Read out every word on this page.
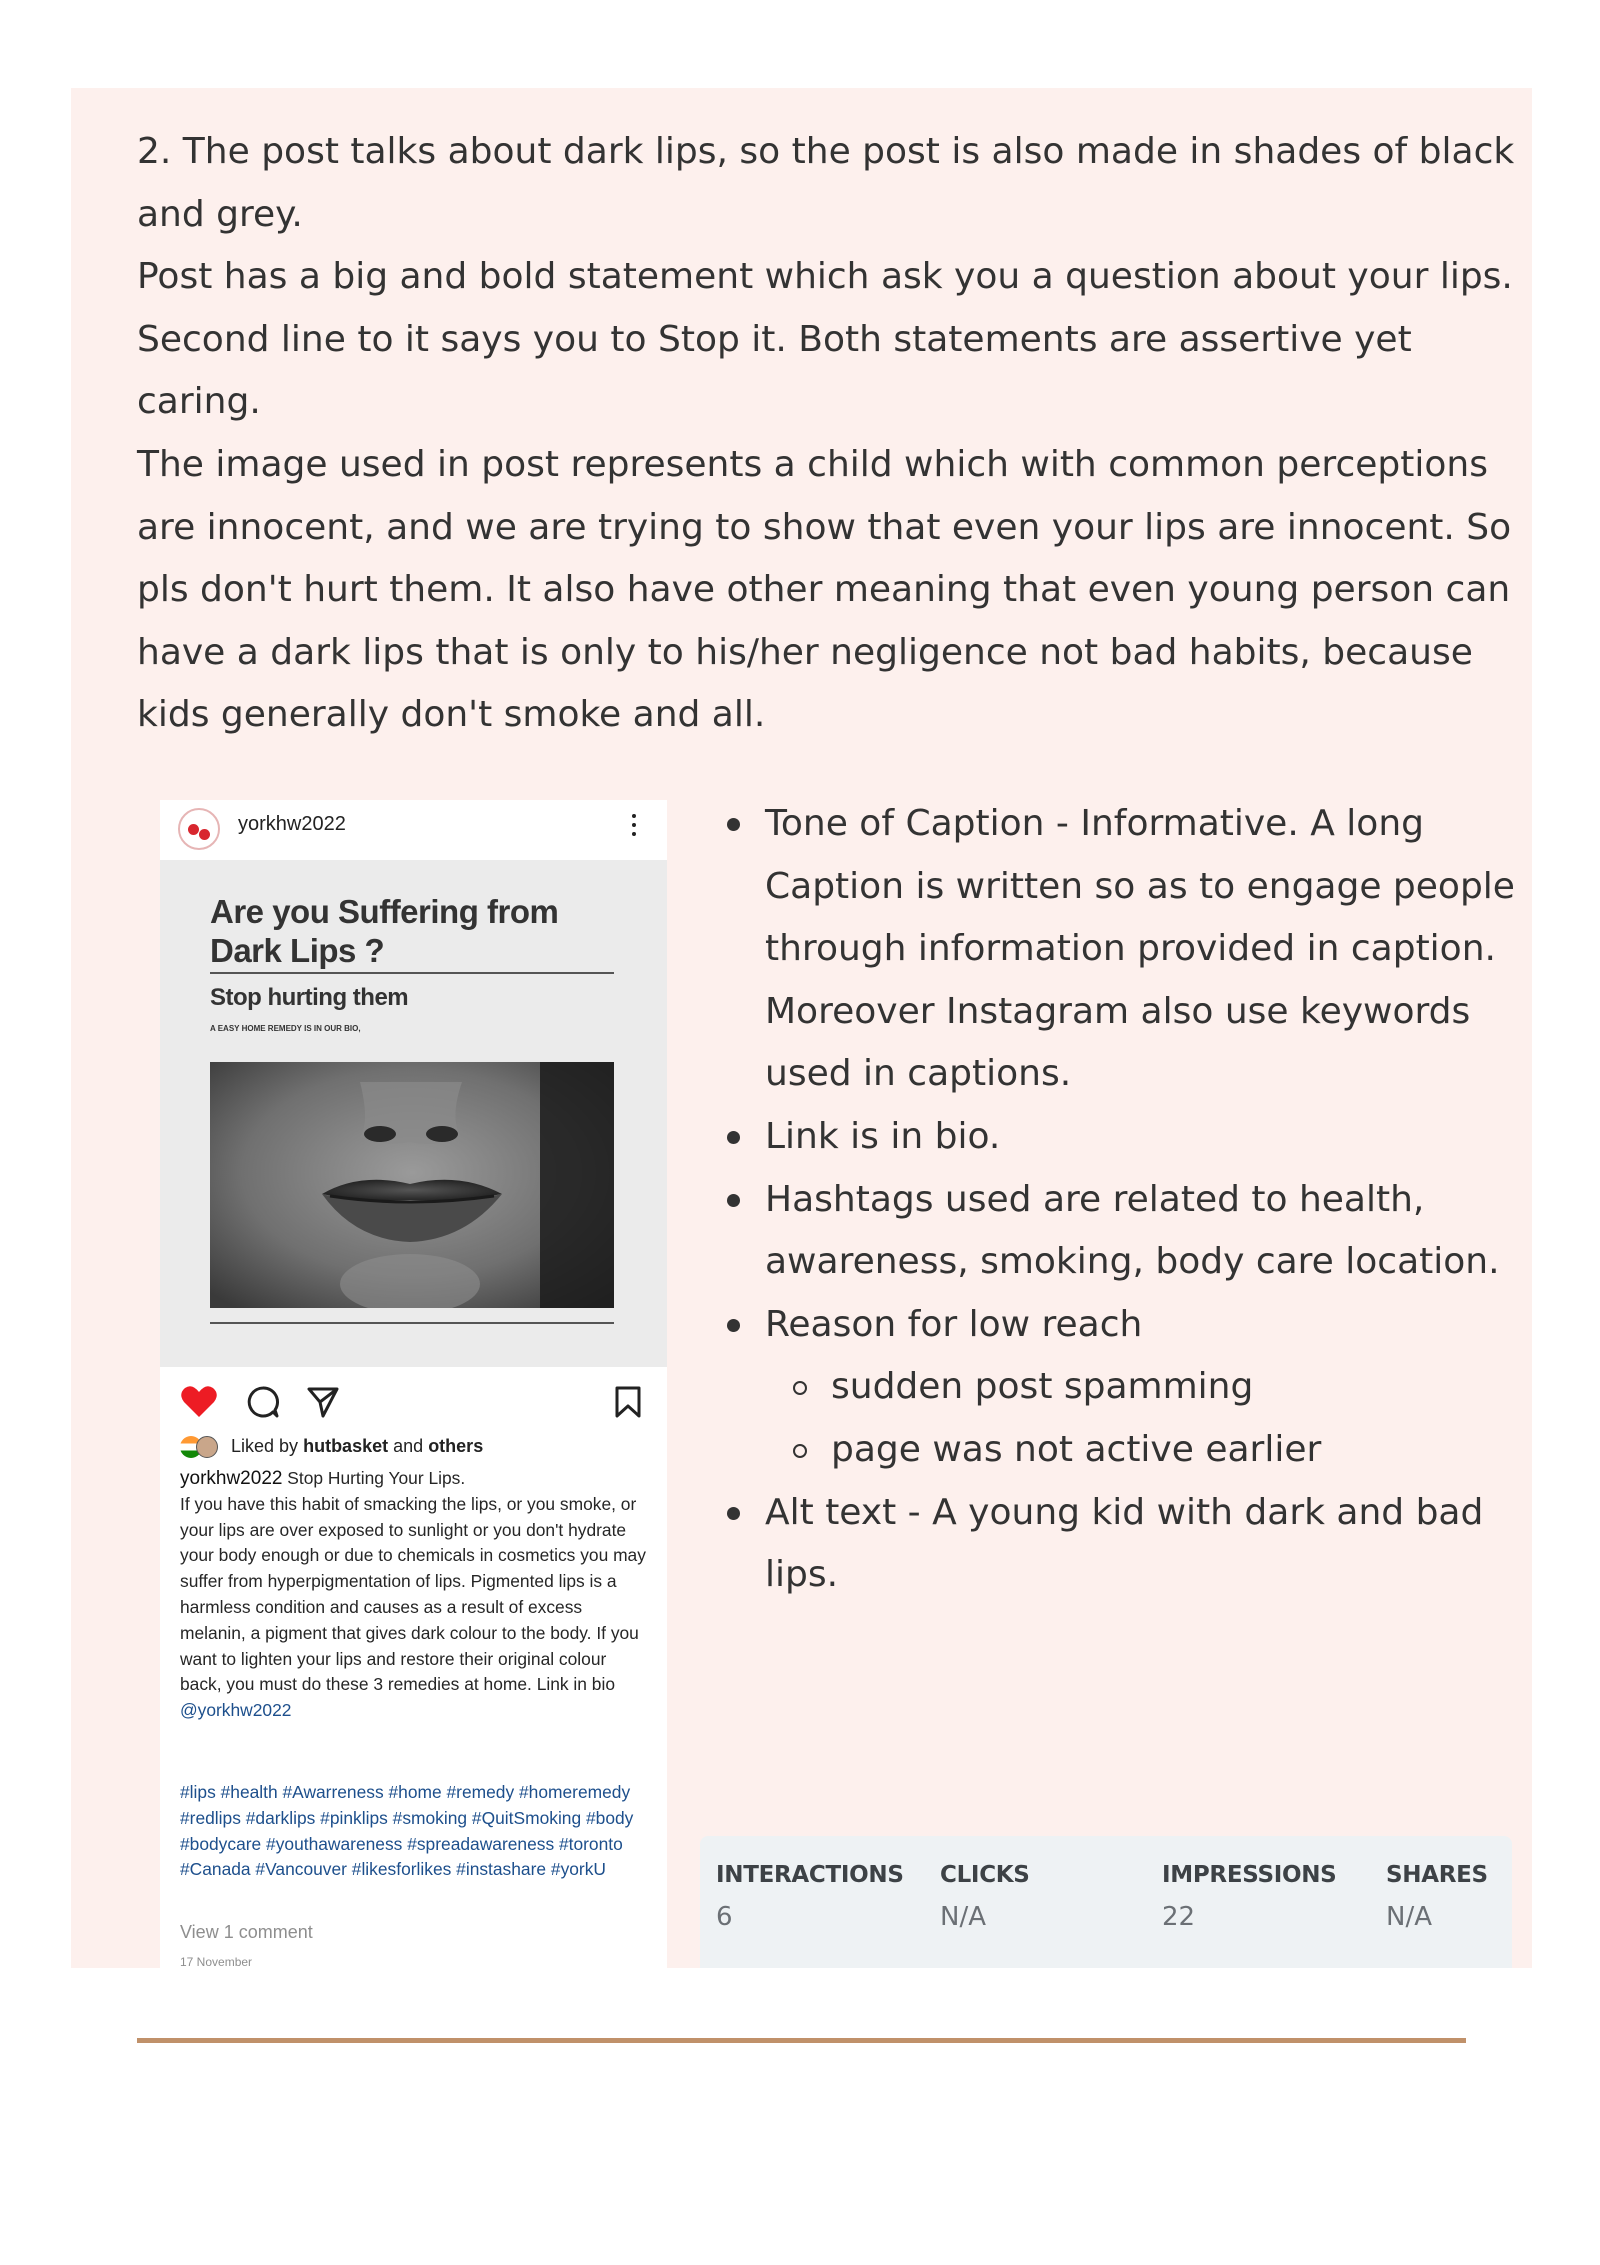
2. The post talks about dark lips, so the post is also made in shades of black and grey.

Post has a big and bold statement which ask you a question about your lips. Second line to it says you to Stop it. Both statements are assertive yet caring.

The image used in post represents a child which with common perceptions are innocent, and we are trying to show that even your lips are innocent. So pls don't hurt them. It also have other meaning that even young person can have a dark lips that is only to his/her negligence not bad habits, because kids generally don't smoke and all.

yorkhw2022
Are you Suffering from Dark Lips ?
Stop hurting them
A EASY HOME REMEDY IS IN OUR BIO,
Liked by hutbasket and others
yorkhw2022 Stop Hurting Your Lips.
If you have this habit of smacking the lips, or you smoke, or your lips are over exposed to sunlight or you don't hydrate your body enough or due to chemicals in cosmetics you may suffer from hyperpigmentation of lips. Pigmented lips is a harmless condition and causes as a result of excess melanin, a pigment that gives dark colour to the body. If you want to lighten your lips and restore their original colour back, you must do these 3 remedies at home. Link in bio @yorkhw2022
#lips #health #Awarreness #home #remedy #homeremedy #redlips #darklips #pinklips #smoking #QuitSmoking #body #bodycare #youthawareness #spreadawareness #toronto #Canada #Vancouver #likesforlikes #instashare #yorkU
View 1 comment
17 November
Tone of Caption - Informative. A long Caption is written so as to engage people through information provided in caption. Moreover Instagram also use keywords used in captions.
Link is in bio.
Hashtags used are related to health, awareness, smoking, body care location.
Reason for low reach
sudden post spamming
page was not active earlier
Alt text - A young kid with dark and bad lips.
INTERACTIONS
6
CLICKS
N/A
IMPRESSIONS
22
SHARES
N/A
